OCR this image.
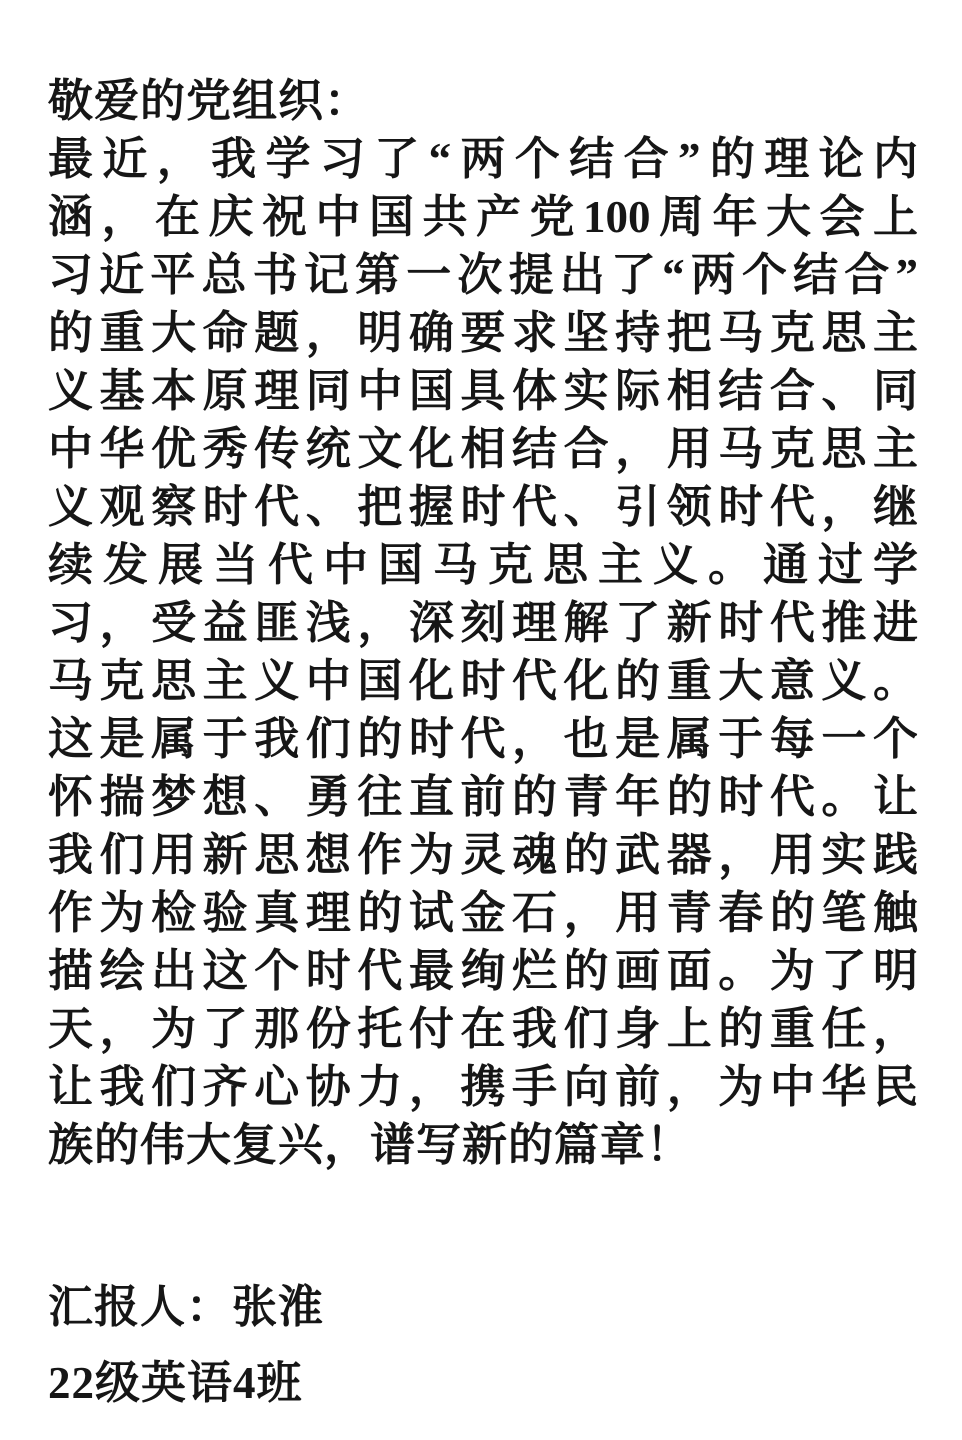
敬爱的党组织：
最近，我学习了“两个结合”的理论内
涵，在庆祝中国共产党100周年大会上
习近平总书记第一次提出了“两个结合”
的重大命题，明确要求坚持把马克思主
义基本原理同中国具体实际相结合、同
中华优秀传统文化相结合，用马克思主
义观察时代、把握时代、引领时代，继
续发展当代中国马克思主义。通过学
习，受益匪浅，深刻理解了新时代推进
马克思主义中国化时代化的重大意义。
这是属于我们的时代，也是属于每一个
怀揣梦想、勇往直前的青年的时代。让
我们用新思想作为灵魂的武器，用实践
作为检验真理的试金石，用青春的笔触
描绘出这个时代最绚烂的画面。为了明
天，为了那份托付在我们身上的重任，
让我们齐心协力，携手向前，为中华民
族的伟大复兴，谱写新的篇章！
汇报人：张淮
22级英语4班
